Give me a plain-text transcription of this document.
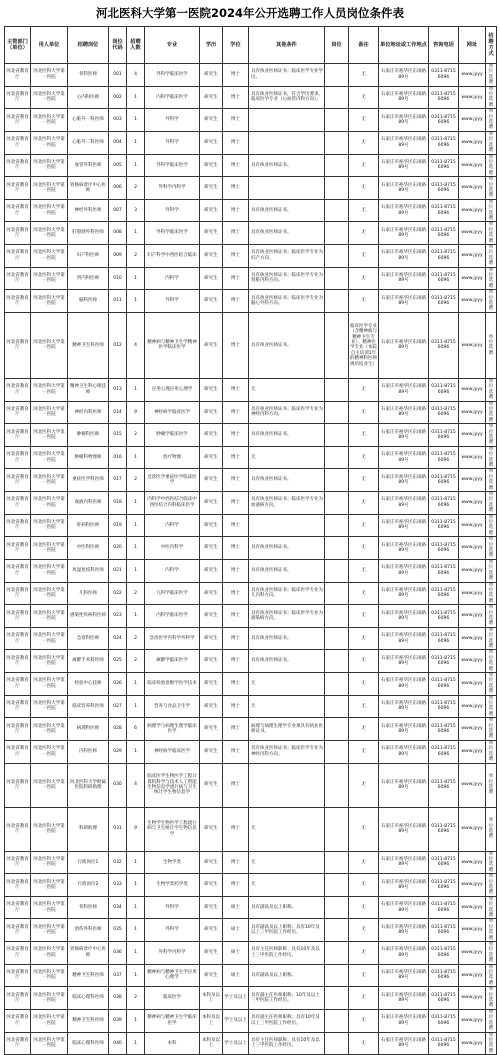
河北医科大学第一医院2024年公开选聘工作人员岗位条件表
主管部门（单位）	用人单位	招聘岗位	岗位代码	招聘人数	专业	学历	学位	其他条件	岗位	备注	单位地址或工作地点	咨询电话	网址	招聘方式
河北省教育厅	河北医科大学第一医院	骨科医师	001	4	外科学临床医学	研究生	博士	具有执业医师证书；临床医学专业学历。		无	石家庄市裕华区东岗路89号	0311-87156096	www.jyyy	单位选聘
河北省教育厅	河北医科大学第一医院	心内科医师	002	1	内科学临床医学	研究生	博士	具有执业医师证书，符合学历要求。临床医学专业（心血管内科方向）。		无	石家庄市裕华区东岗路89号	0311-87156096	www.jyyy	单位选聘
河北省教育厅	河北医科大学第一医院	心脏外一科医师	003	1	外科学	研究生	博士			无	石家庄市裕华区东岗路89号	0311-87156096	www.jyyy	单位选聘
河北省教育厅	河北医科大学第一医院	心脏外二科医师	004	1	外科学	研究生	博士			无	石家庄市裕华区东岗路89号	0311-87156096	www.jyyy	单位选聘
河北省教育厅	河北医科大学第一医院	血管外科医师	005	1	外科学临床医学	研究生	博士	具有执业医师证书。		无	石家庄市裕华区东岗路89号	0311-87156096	www.jyyy	单位选聘
河北省教育厅	河北医科大学第一医院	胃肠病诊疗中心医师	006	2	外科学内科学	研究生	博士			无	石家庄市裕华区东岗路89号	0311-87156096	www.jyyy	单位选聘
河北省教育厅	河北医科大学第一医院	神经外科医师	007	3	外科学	研究生	博士	具有执业医师证书。		无	石家庄市裕华区东岗路89号	0311-87156096	www.jyyy	单位选聘
河北省教育厅	河北医科大学第一医院	肝胆胰外科医师	008	1	外科学临床医学	研究生	博士	具有执业医师证书。		无	石家庄市裕华区东岗路89号	0311-87156096	www.jyyy	单位选聘
河北省教育厅	河北医科大学第一医院	妇产科医师	009	2	妇产科学中西医结合临床	研究生	博士	具有执业医师证书；临床医学专业为妇产方向。		无	石家庄市裕华区东岗路89号	0311-87156096	www.jyyy	单位选聘
河北省教育厅	河北医科大学第一医院	肾内科医师	010	1	内科学	研究生	博士	具有执业医师证书；临床医学专业为肾脏内科方向。		无	石家庄市裕华区东岗路89号	0311-87156096	www.jyyy	单位选聘
河北省教育厅	河北医科大学第一医院	脑科医师	011	1	外科学	研究生	博士	具有执业医师证书；临床医学专业为脑心外科方向。		无	石家庄市裕华区东岗路89号	0311-87156096	www.jyyy	单位选聘
河北省教育厅	河北医科大学第一医院	精神卫生科医师	012	4	精神病与精神卫生学精神医学临床医学	研究生	博士	具有执业医师证书。		临床医学专业（含精神病与精神卫生专业）、精神医学专业（本院自主培训1年的精神科医师规培结业生）	石家庄市裕华区东岗路89号	0311-87156096	www.jyyy	单位选聘
河北省教育厅	河北医科大学第一医院	精神卫生科心理技师	013	1	应用心理应用心理学	研究生	博士	无		无	石家庄市裕华区东岗路89号	0311-87156096	www.jyyy	单位选聘
河北省教育厅	河北医科大学第一医院	神经内科医师	014	9	神经病学临床医学	研究生	博士	具有执业医师证书；临床医学专业为神经内科方向。		无	石家庄市裕华区东岗路89号	0311-87156096	www.jyyy	单位选聘
河北省教育厅	河北医科大学第一医院	肿瘤科医师	015	2	肿瘤学临床医学	研究生	博士	具有执业医师证书。		无	石家庄市裕华区东岗路89号	0311-87156096	www.jyyy	单位选聘
河北省教育厅	河北医科大学第一医院	肿瘤科物理师	016	1	放疗物理	研究生	博士	无		无	石家庄市裕华区东岗路89号	0311-87156096	www.jyyy	单位选聘
河北省教育厅	河北医科大学第一医院	重症医学科医师	017	2	急诊医学重症医学临床医学	研究生	博士	具有执业医师证书。		无	石家庄市裕华区东岗路89号	0311-87156096	www.jyyy	单位选聘
河北省教育厅	河北医科大学第一医院	血液内科医师	018	1	内科学中西医结合临床中西医结合内科临床医学	研究生	博士	具有执业医师证书；临床医学专业为血液病方向。		无	石家庄市裕华区东岗路89号	0311-87156096	www.jyyy	单位选聘
河北省教育厅	河北医科大学第一医院	肝病科医师	019	1	内科学	研究生	博士			无	石家庄市裕华区东岗路89号	0311-87156096	www.jyyy	单位选聘
河北省教育厅	河北医科大学第一医院	中医科医师	020	1	中医内科学	研究生	博士	具有执业医师证书。		无	石家庄市裕华区东岗路89号	0311-87156096	www.jyyy	单位选聘
河北省教育厅	河北医科大学第一医院	风湿免疫科医师	021	1	内科学	研究生	博士	具有执业医师证书。		无	石家庄市裕华区东岗路89号	0311-87156096	www.jyyy	单位选聘
河北省教育厅	河北医科大学第一医院	儿科医师	022	2	儿科学临床医学	研究生	博士	具有执业医师证书；临床医学专业为儿内科方向。		无	石家庄市裕华区东岗路89号	0311-87156096	www.jyyy	单位选聘
河北省教育厅	河北医科大学第一医院	感染性疾病科医师	023	1	内科学临床医学	研究生	博士	具有执业医师证书；临床医学专业为感染病方向。		无	石家庄市裕华区东岗路89号	0311-87156096	www.jyyy	单位选聘
河北省教育厅	河北医科大学第一医院	急诊科医师	024	2	急诊医学内科学外科学	研究生	博士	具有执业医师证书。		无	石家庄市裕华区东岗路89号	0311-87156096	www.jyyy	单位选聘
河北省教育厅	河北医科大学第一医院	麻醉手术科医师	025	2	麻醉学临床医学	研究生	博士	具有执业医师证书。		无	石家庄市裕华区东岗路89号	0311-87156096	www.jyyy	单位选聘
河北省教育厅	河北医科大学第一医院	检验中心技师	026	1	临床检验诊断学医学技术	研究生	博士	无		无	石家庄市裕华区东岗路89号	0311-87156096	www.jyyy	单位选聘
河北省教育厅	河北医科大学第一医院	临床营养科医师	027	1	营养与食品卫生学	研究生	博士	无		无	石家庄市裕华区东岗路89号	0311-87156096	www.jyyy	单位选聘
河北省教育厅	河北医科大学第一医院	病理科医师	028	6	病理学与病理生理学临床医学	研究生	博士	病理与病理生理学专业须具有执业医师证书。		无	石家庄市裕华区东岗路89号	0311-87156096	www.jyyy	单位选聘
河北省教育厅	河北医科大学第一医院	内科医师	029	1	神经病学临床医学	研究生	博士	具有执业医师证书；临床医学专业为神经内科方向。		无	石家庄市裕华区东岗路89号	0311-87156096	www.jyyy	单位选聘
河北省教育厅	河北医科大学第一医院	河北医科大学附属医院科研助理	030	4	临床医学生物医学工程计算机科学与技术人工智能生物信息学流行病与卫生统计学生物信息学	研究生	博士			无	石家庄市裕华区东岗路89号	0311-87156096	www.jyyy	单位选聘
河北省教育厅	河北医科大学第一医院	科研助理	031	9	生物学生物医学工程流行病与卫生统计学生物信息学	研究生	博士	无		无	石家庄市裕华区东岗路89号	0311-87156096	www.jyyy	单位选聘
河北省教育厅	河北医科大学第一医院	行政岗位1	032	1	生物学类	研究生	博士	无		无	石家庄市裕华区东岗路89号	0311-87156096	www.jyyy	单位选聘
河北省教育厅	河北医科大学第一医院	行政岗位2	033	1	生物学类药学类	研究生	博士	无		无	石家庄市裕华区东岗路89号	0311-87156096	www.jyyy	单位选聘
河北省教育厅	河北医科大学第一医院	骨科医师	034	1	外科学	研究生	硕士	具有副高及以上职称。		无	石家庄市裕华区东岗路89号	0311-87156096	www.jyyy	单位选聘
河北省教育厅	河北医科大学第一医院	创伤外科医师	035	1	外科学	研究生	硕士	具有副高及以上职称；具有10年及以上三甲医院工作经历。		无	石家庄市裕华区东岗路89号	0311-87156096	www.jyyy	单位选聘
河北省教育厅	河北医科大学第一医院	胃肠病诊疗中心医师	036	1	外科学内科学	研究生	硕士	具有主任医师职称；具有10年及以上三甲医院工作经历。		无	石家庄市裕华区东岗路89号	0311-87156096	www.jyyy	单位选聘
河北省教育厅	河北医科大学第一医院	精神卫生科医师	037	1	精神病与精神卫生学应用心理学	研究生	硕士	具有副高及以上职称。		无	石家庄市裕华区东岗路89号	0311-87156096	www.jyyy	单位选聘
河北省教育厅	河北医科大学第一医院	临床心理科医师	038	2	临床医学	本科及以上	学士及以上	具有副主任医师职称；10年及以上三甲医院工作经历。		无	石家庄市裕华区东岗路89号	0311-87156096	www.jyyy	单位选聘
河北省教育厅	河北医科大学第一医院	精神卫生科医师	039	1	精神病与精神卫生学临床医学	本科及以上	学士及以上	具有副主任医师职称；具有10年及以上三甲医院工作经历。		无	石家庄市裕华区东岗路89号	0311-87156096	www.jyyy	单位选聘
河北省教育厅	河北医科大学第一医院	临床心理科医师	040	1	本科	本科及以上	学士及以上	具有主任医师职称；具有10年及以上三甲医院工作经历。		无	石家庄市裕华区东岗路89号	0311-87156096	www.jyyy	单位选聘
